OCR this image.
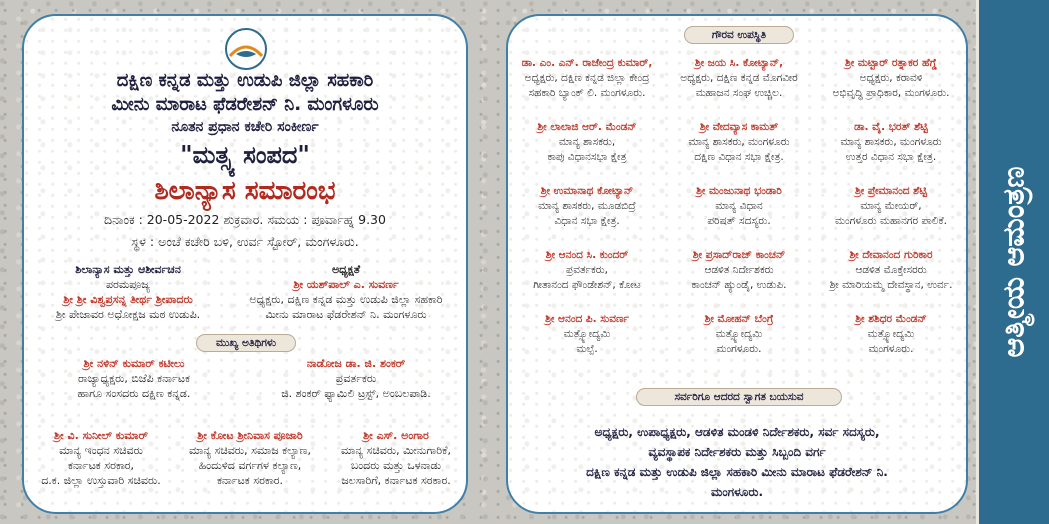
ದಕ್ಷಿಣ ಕನ್ನಡ ಮತ್ತು ಉಡುಪಿ ಜಿಲ್ಲಾ ಸಹಕಾರಿ
ಮೀನು ಮಾರಾಟ ಫೆಡರೇಶನ್ ನಿ. ಮಂಗಳೂರು
ನೂತನ ಪ್ರಧಾನ ಕಚೇರಿ ಸಂಕೀರ್ಣ
"ಮತ್ಸ್ಯ ಸಂಪದ"
ಶಿಲಾನ್ಯಾಸ ಸಮಾರಂಭ
ದಿನಾಂಕ : 20-05-2022 ಶುಕ್ರವಾರ. ಸಮಯ : ಪೂರ್ವಾಹ್ನ 9.30
ಸ್ಥಳ : ಅಂಚೆ ಕಚೇರಿ ಬಳಿ, ಉರ್ವ ಸ್ಟೋರ್, ಮಂಗಳೂರು.
ಶಿಲಾನ್ಯಾಸ ಮತ್ತು ಆಶೀರ್ವಚನ
ಪರಮಪೂಜ್ಯ
ಶ್ರೀ ಶ್ರೀ ವಿಶ್ವಪ್ರಸನ್ನ ತೀರ್ಥ ಶ್ರೀಪಾದರು
ಶ್ರೀ ಪೇಜಾವರ ಅಧೋಕ್ಷಜ ಮಠ ಉಡುಪಿ.
ಅಧ್ಯಕ್ಷತೆ
ಶ್ರೀ ಯಶ್‌ಪಾಲ್ ಎ. ಸುವರ್ಣ
ಅಧ್ಯಕ್ಷರು, ದಕ್ಷಿಣ ಕನ್ನಡ ಮತ್ತು ಉಡುಪಿ ಜಿಲ್ಲಾ ಸಹಕಾರಿ
ಮೀನು ಮಾರಾಟ ಫೆಡರೇಶನ್ ನಿ. ಮಂಗಳೂರು
ಮುಖ್ಯ ಅತಿಥಿಗಳು
ಶ್ರೀ ನಳಿನ್ ಕುಮಾರ್ ಕಟೀಲು
ರಾಜ್ಯಾಧ್ಯಕ್ಷರು, ಬಿಜೆಪಿ ಕರ್ನಾಟಕ
ಹಾಗೂ ಸಂಸದರು ದಕ್ಷಿಣ ಕನ್ನಡ.
ನಾಡೋಜ ಡಾ. ಜಿ. ಶಂಕರ್
ಪ್ರವರ್ತಕರು
ಜಿ. ಶಂಕರ್ ಫ್ಯಾಮಿಲಿ ಟ್ರಸ್ಟ್, ಅಂಬಲಪಾಡಿ.
ಶ್ರೀ ವಿ. ಸುನೀಲ್ ಕುಮಾರ್
ಮಾನ್ಯ ಇಂಧನ ಸಚಿವರು
ಕರ್ನಾಟಕ ಸರಕಾರ,
ದ.ಕ. ಜಿಲ್ಲಾ ಉಸ್ತುವಾರಿ ಸಚಿವರು.
ಶ್ರೀ ಕೋಟ ಶ್ರೀನಿವಾಸ ಪೂಜಾರಿ
ಮಾನ್ಯ ಸಚಿವರು, ಸಮಾಜ ಕಲ್ಯಾಣ,
ಹಿಂದುಳಿದ ವರ್ಗಗಳ ಕಲ್ಯಾಣ,
ಕರ್ನಾಟಕ ಸರಕಾರ.
ಶ್ರೀ ಎಸ್. ಅಂಗಾರ
ಮಾನ್ಯ ಸಚಿವರು, ಮೀನುಗಾರಿಕೆ,
ಬಂದರು ಮತ್ತು ಒಳನಾಡು
ಜಲಸಾರಿಗೆ, ಕರ್ನಾಟಕ ಸರಕಾರ.
ಗೌರವ ಉಪಸ್ಥಿತಿ
ಡಾ. ಎಂ. ಎನ್. ರಾಜೇಂದ್ರ ಕುಮಾರ್,
ಅಧ್ಯಕ್ಷರು, ದಕ್ಷಿಣ ಕನ್ನಡ ಜಿಲ್ಲಾ ಕೇಂದ್ರ
ಸಹಕಾರಿ ಬ್ಯಾಂಕ್ ಲಿ. ಮಂಗಳೂರು.
ಶ್ರೀ ಜಯ ಸಿ. ಕೋಟ್ಯಾನ್,
ಅಧ್ಯಕ್ಷರು, ದಕ್ಷಿಣ ಕನ್ನಡ ಮೊಗವೀರ
ಮಹಾಜನ ಸಂಘ ಉಚ್ಚಿಲ.
ಶ್ರೀ ಮಟ್ಟಾರ್ ರತ್ನಾಕರ ಹೆಗ್ಡೆ
ಅಧ್ಯಕ್ಷರು, ಕರಾವಳಿ
ಅಭಿವೃದ್ಧಿ ಪ್ರಾಧಿಕಾರ, ಮಂಗಳೂರು.
ಶ್ರೀ ಲಾಲಾಜಿ ಆರ್. ಮೆಂಡನ್
ಮಾನ್ಯ ಶಾಸಕರು,
ಕಾಪು ವಿಧಾನಸಭಾ ಕ್ಷೇತ್ರ
ಶ್ರೀ ವೇದವ್ಯಾಸ ಕಾಮತ್
ಮಾನ್ಯ ಶಾಸಕರು, ಮಂಗಳೂರು
ದಕ್ಷಿಣ ವಿಧಾನ ಸಭಾ ಕ್ಷೇತ್ರ.
ಡಾ. ವೈ. ಭರತ್ ಶೆಟ್ಟಿ
ಮಾನ್ಯ ಶಾಸಕರು, ಮಂಗಳೂರು
ಉತ್ತರ ವಿಧಾನ ಸಭಾ ಕ್ಷೇತ್ರ.
ಶ್ರೀ ಉಮಾನಾಥ ಕೋಟ್ಯಾನ್
ಮಾನ್ಯ ಶಾಸಕರು, ಮೂಡಬಿದ್ರೆ
ವಿಧಾನ ಸಭಾ ಕ್ಷೇತ್ರ.
ಶ್ರೀ ಮಂಜುನಾಥ ಭಂಡಾರಿ
ಮಾನ್ಯ ವಿಧಾನ
ಪರಿಷತ್ ಸದಸ್ಯರು.
ಶ್ರೀ ಪ್ರೇಮಾನಂದ ಶೆಟ್ಟಿ
ಮಾನ್ಯ ಮೇಯರ್,
ಮಂಗಳೂರು ಮಹಾನಗರ ಪಾಲಿಕೆ.
ಶ್ರೀ ಆನಂದ ಸಿ. ಕುಂದರ್
ಪ್ರವರ್ತಕರು,
ಗೀತಾನಂದ ಫೌಂಡೇಶನ್, ಕೋಟ
ಶ್ರೀ ಪ್ರಸಾದ್‌ರಾಜ್ ಕಾಂಚನ್
ಆಡಳಿತ ನಿರ್ದೇಶಕರು
ಕಾಂಚನ್ ಹ್ಯುಂಡೈ, ಉಡುಪಿ.
ಶ್ರೀ ದೇವಾನಂದ ಗುರಿಕಾರ
ಆಡಳಿತ ಮೊಕ್ತೇಸರರು
ಶ್ರೀ ಮಾರಿಯಮ್ಮ ದೇವಸ್ಥಾನ, ಉರ್ವ.
ಶ್ರೀ ಆನಂದ ಪಿ. ಸುವರ್ಣ
ಮತ್ಸ್ಯೋದ್ಯಮಿ
ಮಲ್ಪೆ.
ಶ್ರೀ ಮೋಹನ್ ಬೆಂಗ್ರೆ
ಮತ್ಸ್ಯೋದ್ಯಮಿ
ಮಂಗಳೂರು.
ಶ್ರೀ ಶಶಿಧರ ಮೆಂಡನ್
ಮತ್ಸ್ಯೋದ್ಯಮಿ
ಮಂಗಳೂರು.
ಸರ್ವರಿಗೂ ಆದರದ ಸ್ವಾಗತ ಬಯಸುವ
ಅಧ್ಯಕ್ಷರು, ಉಪಾಧ್ಯಕ್ಷರು, ಆಡಳಿತ ಮಂಡಳಿ ನಿರ್ದೇಶಕರು, ಸರ್ವ ಸದಸ್ಯರು,
ವ್ಯವಸ್ಥಾಪಕ ನಿರ್ದೇಶಕರು ಮತ್ತು ಸಿಬ್ಬಂದಿ ವರ್ಗ
ದಕ್ಷಿಣ ಕನ್ನಡ ಮತ್ತು ಉಡುಪಿ ಜಿಲ್ಲಾ ಸಹಕಾರಿ ಮೀನು ಮಾರಾಟ ಫೆಡರೇಶನ್ ನಿ.
ಮಂಗಳೂರು.
ಆತ್ಮೀಯ ಆಮಂತ್ರಣ
